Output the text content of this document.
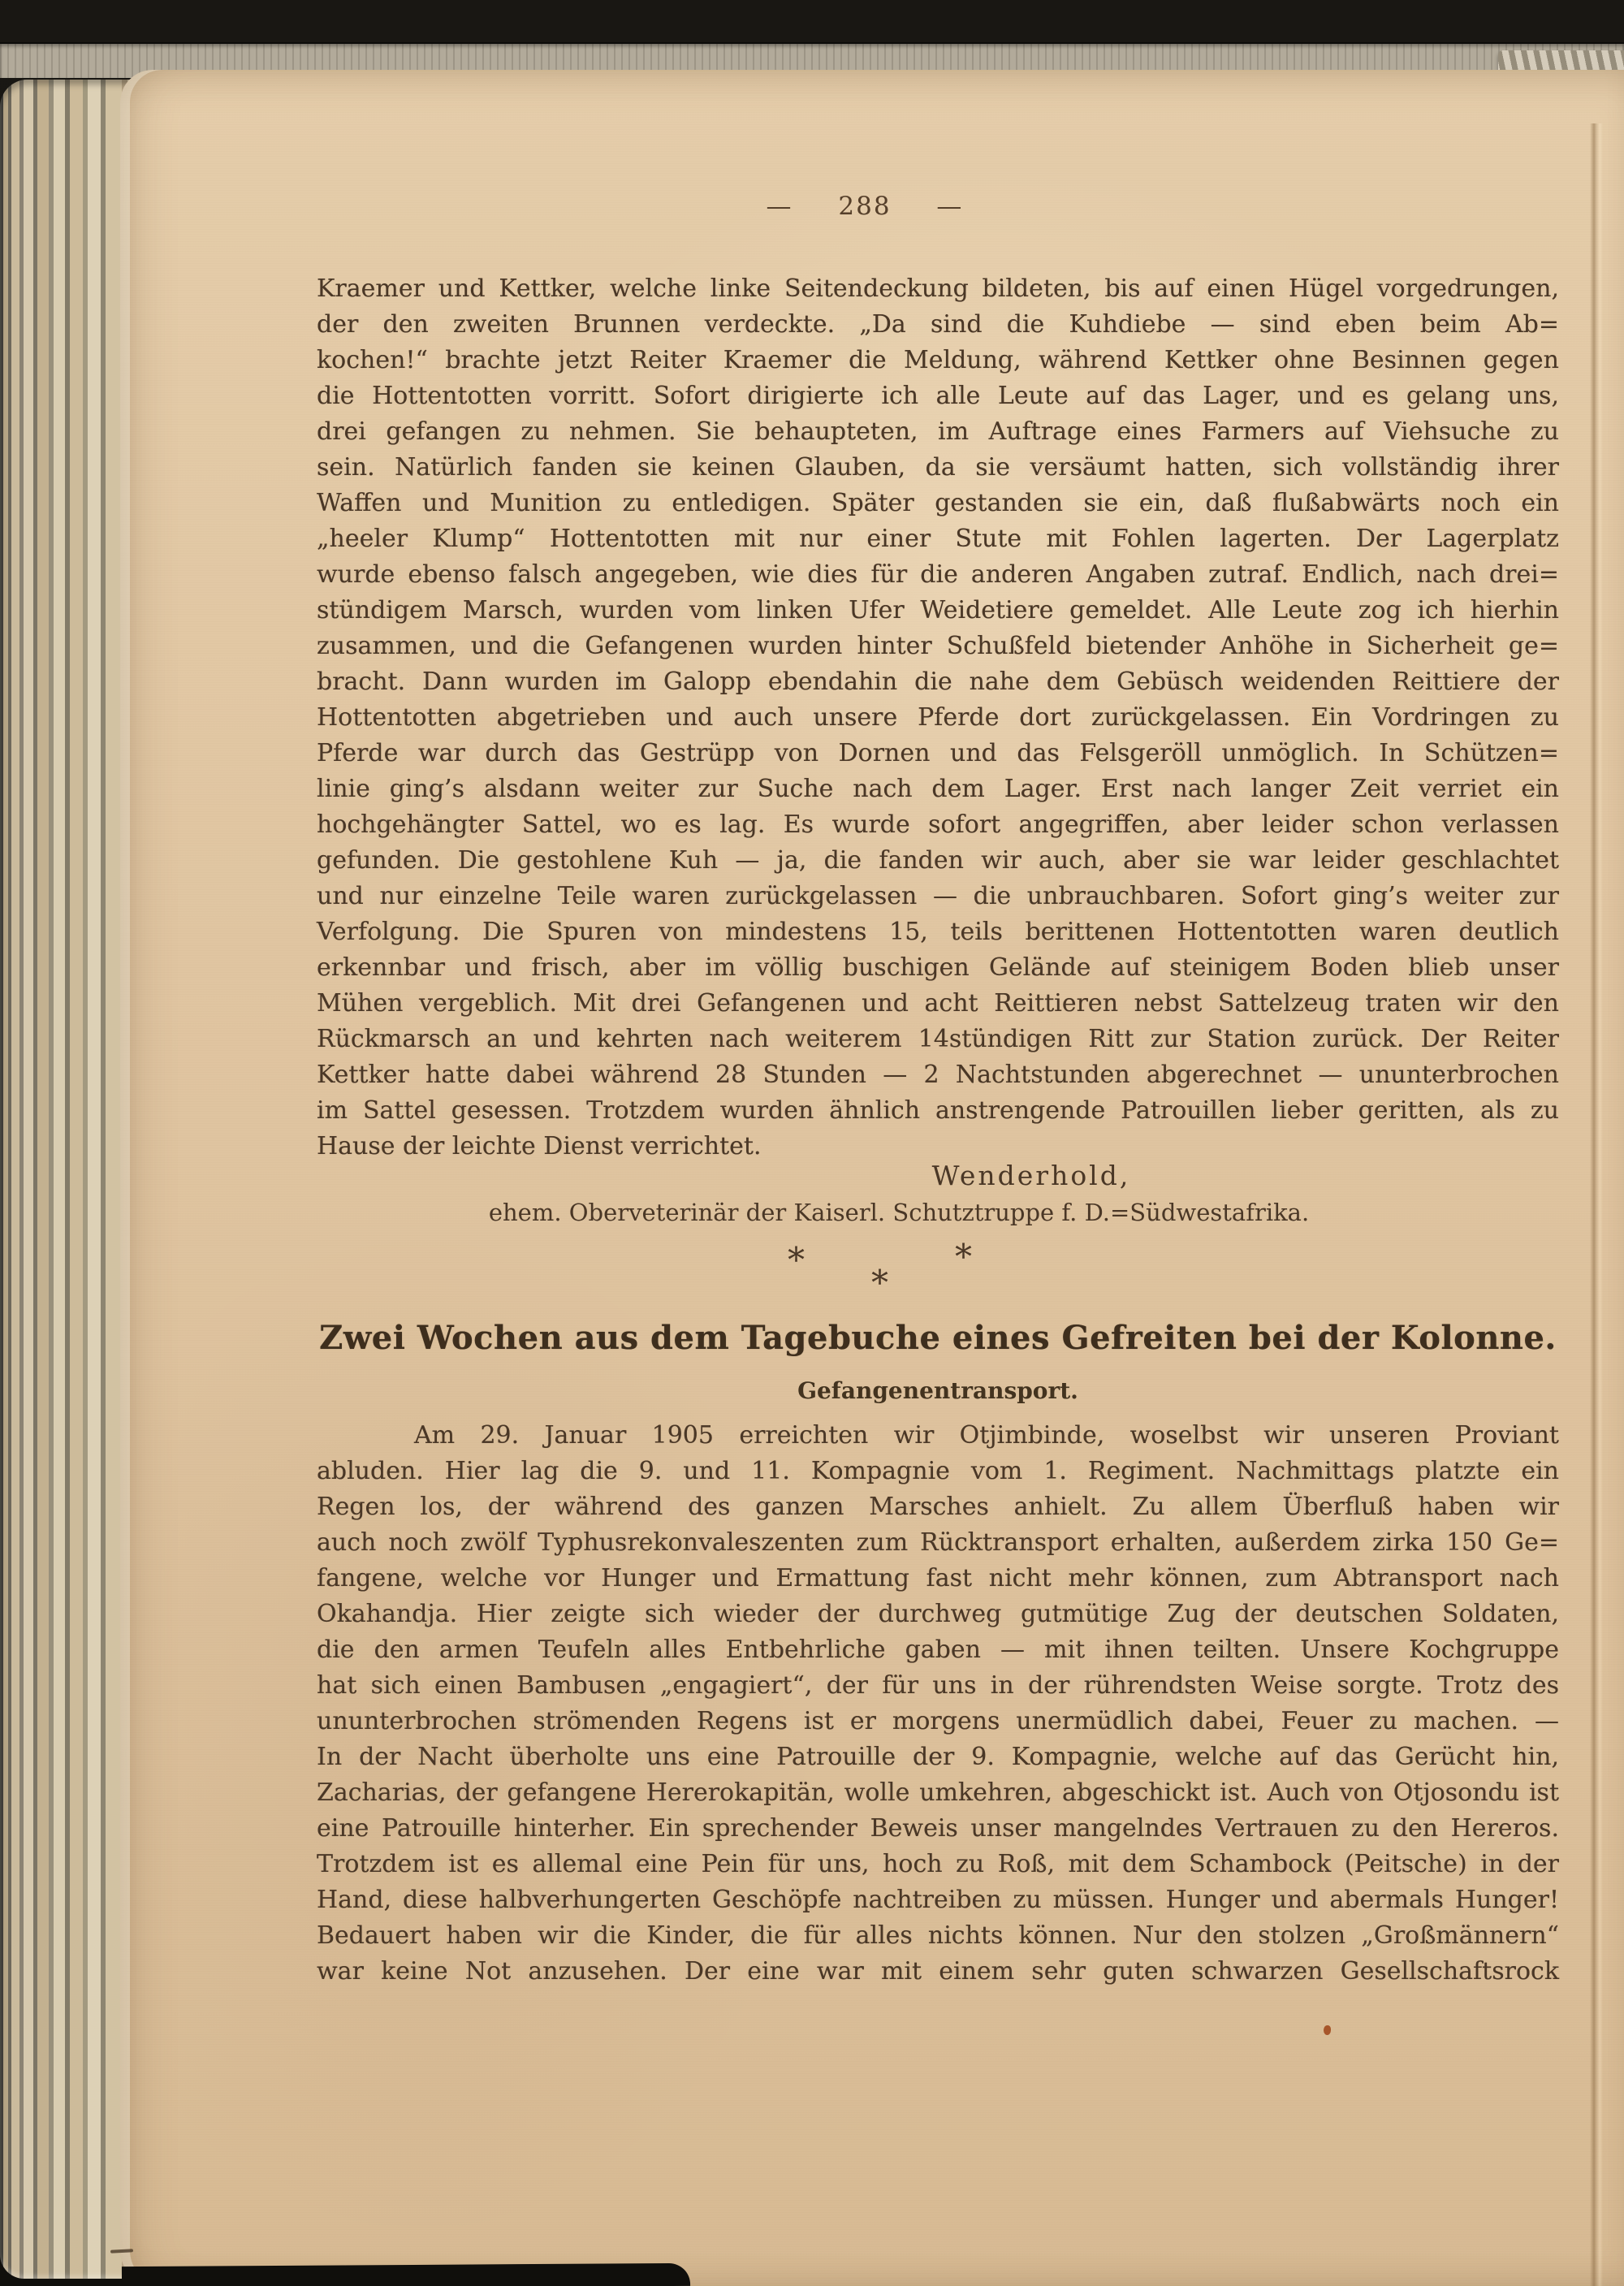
— 288 —
Kraemer und Kettker, welche linke Seitendeckung bildeten, bis auf einen Hügel vorgedrungen,
der den zweiten Brunnen verdeckte. „Da sind die Kuhdiebe — sind eben beim Ab=
kochen!“ brachte jetzt Reiter Kraemer die Meldung, während Kettker ohne Besinnen gegen
die Hottentotten vorritt. Sofort dirigierte ich alle Leute auf das Lager, und es gelang uns,
drei gefangen zu nehmen. Sie behaupteten, im Auftrage eines Farmers auf Viehsuche zu
sein. Natürlich fanden sie keinen Glauben, da sie versäumt hatten, sich vollständig ihrer
Waffen und Munition zu entledigen. Später gestanden sie ein, daß flußabwärts noch ein
„heeler Klump“ Hottentotten mit nur einer Stute mit Fohlen lagerten. Der Lagerplatz
wurde ebenso falsch angegeben, wie dies für die anderen Angaben zutraf. Endlich, nach drei=
stündigem Marsch, wurden vom linken Ufer Weidetiere gemeldet. Alle Leute zog ich hierhin
zusammen, und die Gefangenen wurden hinter Schußfeld bietender Anhöhe in Sicherheit ge=
bracht. Dann wurden im Galopp ebendahin die nahe dem Gebüsch weidenden Reittiere der
Hottentotten abgetrieben und auch unsere Pferde dort zurückgelassen. Ein Vordringen zu
Pferde war durch das Gestrüpp von Dornen und das Felsgeröll unmöglich. In Schützen=
linie ging’s alsdann weiter zur Suche nach dem Lager. Erst nach langer Zeit verriet ein
hochgehängter Sattel, wo es lag. Es wurde sofort angegriffen, aber leider schon verlassen
gefunden. Die gestohlene Kuh — ja, die fanden wir auch, aber sie war leider geschlachtet
und nur einzelne Teile waren zurückgelassen — die unbrauchbaren. Sofort ging’s weiter zur
Verfolgung. Die Spuren von mindestens 15, teils berittenen Hottentotten waren deutlich
erkennbar und frisch, aber im völlig buschigen Gelände auf steinigem Boden blieb unser
Mühen vergeblich. Mit drei Gefangenen und acht Reittieren nebst Sattelzeug traten wir den
Rückmarsch an und kehrten nach weiterem 14stündigen Ritt zur Station zurück. Der Reiter
Kettker hatte dabei während 28 Stunden — 2 Nachtstunden abgerechnet — ununterbrochen
im Sattel gesessen. Trotzdem wurden ähnlich anstrengende Patrouillen lieber geritten, als zu
Hause der leichte Dienst verrichtet.
Wenderhold,
ehem. Oberveterinär der Kaiserl. Schutztruppe f. D.=Südwestafrika.
*	*
*
Zwei Wochen aus dem Tagebuche eines Gefreiten bei der Kolonne.
Gefangenentransport.
Am 29. Januar 1905 erreichten wir Otjimbinde, woselbst wir unseren Proviant
abluden. Hier lag die 9. und 11. Kompagnie vom 1. Regiment. Nachmittags platzte ein
Regen los, der während des ganzen Marsches anhielt. Zu allem Überfluß haben wir
auch noch zwölf Typhusrekonvaleszenten zum Rücktransport erhalten, außerdem zirka 150 Ge=
fangene, welche vor Hunger und Ermattung fast nicht mehr können, zum Abtransport nach
Okahandja. Hier zeigte sich wieder der durchweg gutmütige Zug der deutschen Soldaten,
die den armen Teufeln alles Entbehrliche gaben — mit ihnen teilten. Unsere Kochgruppe
hat sich einen Bambusen „engagiert“, der für uns in der rührendsten Weise sorgte. Trotz des
ununterbrochen strömenden Regens ist er morgens unermüdlich dabei, Feuer zu machen. —
In der Nacht überholte uns eine Patrouille der 9. Kompagnie, welche auf das Gerücht hin,
Zacharias, der gefangene Hererokapitän, wolle umkehren, abgeschickt ist. Auch von Otjosondu ist
eine Patrouille hinterher. Ein sprechender Beweis unser mangelndes Vertrauen zu den Hereros.
Trotzdem ist es allemal eine Pein für uns, hoch zu Roß, mit dem Schambock (Peitsche) in der
Hand, diese halbverhungerten Geschöpfe nachtreiben zu müssen. Hunger und abermals Hunger!
Bedauert haben wir die Kinder, die für alles nichts können. Nur den stolzen „Großmännern“
war keine Not anzusehen. Der eine war mit einem sehr guten schwarzen Gesellschaftsrock
